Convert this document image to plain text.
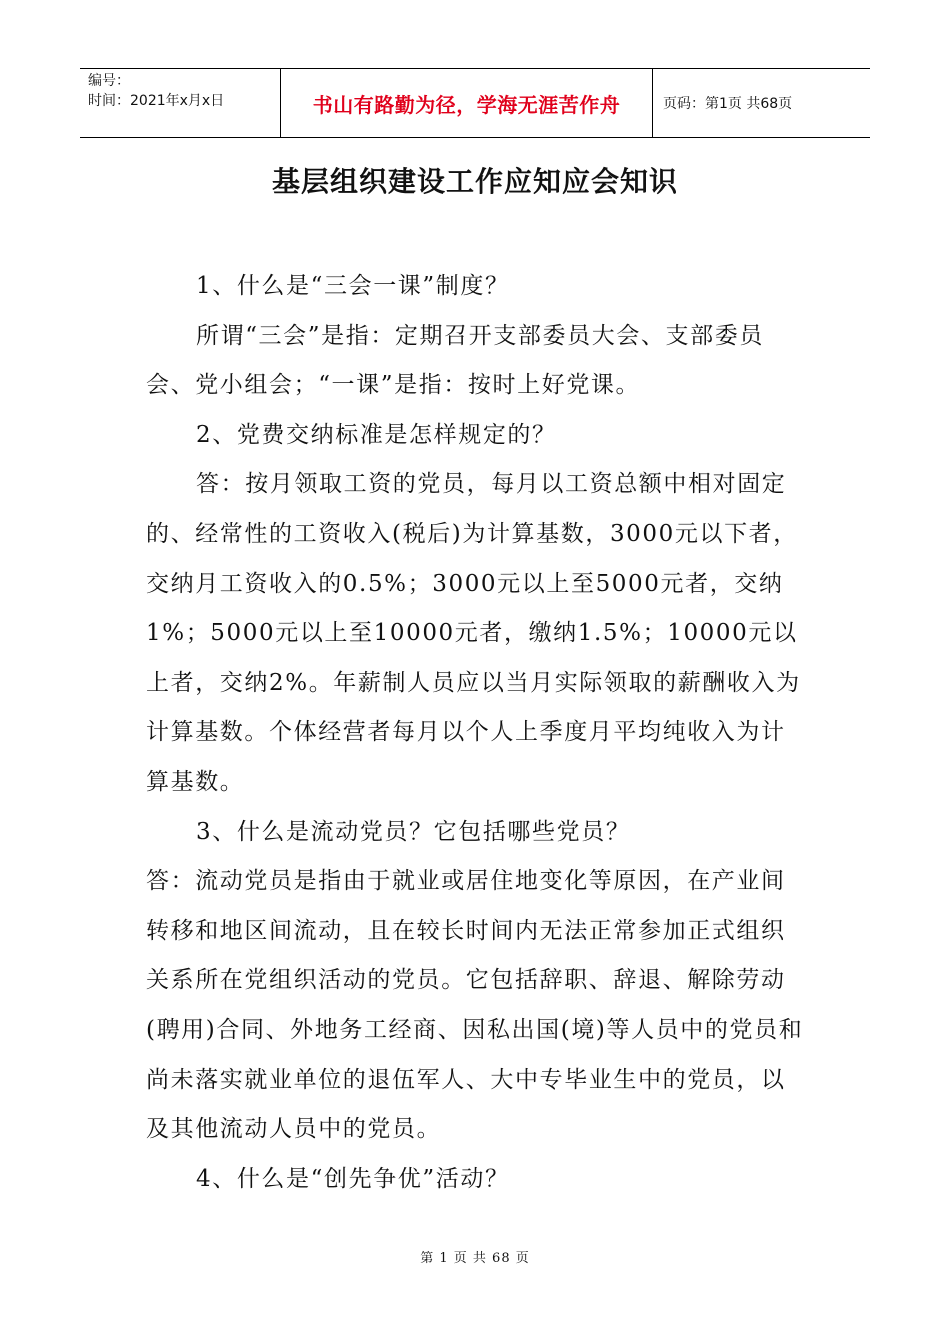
编号：
时间：2021年x月x日	书山有路勤为径，学海无涯苦作舟	页码：第1页 共68页
基层组织建设工作应知应会知识

1、什么是“三会一课”制度？

所谓“三会”是指：定期召开支部委员大会、支部委员会、党小组会；“一课”是指：按时上好党课。

2、党费交纳标准是怎样规定的？

答：按月领取工资的党员，每月以工资总额中相对固定的、经常性的工资收入(税后)为计算基数，3000元以下者，交纳月工资收入的0.5%；3000元以上至5000元者，交纳1%；5000元以上至10000元者，缴纳1.5%；10000元以上者，交纳2%。年薪制人员应以当月实际领取的薪酬收入为计算基数。个体经营者每月以个人上季度月平均纯收入为计算基数。

3、什么是流动党员？它包括哪些党员？

答：流动党员是指由于就业或居住地变化等原因，在产业间转移和地区间流动，且在较长时间内无法正常参加正式组织关系所在党组织活动的党员。它包括辞职、辞退、解除劳动(聘用)合同、外地务工经商、因私出国(境)等人员中的党员和尚未落实就业单位的退伍军人、大中专毕业生中的党员，以及其他流动人员中的党员。

4、什么是“创先争优”活动？

第 1 页 共 68 页
